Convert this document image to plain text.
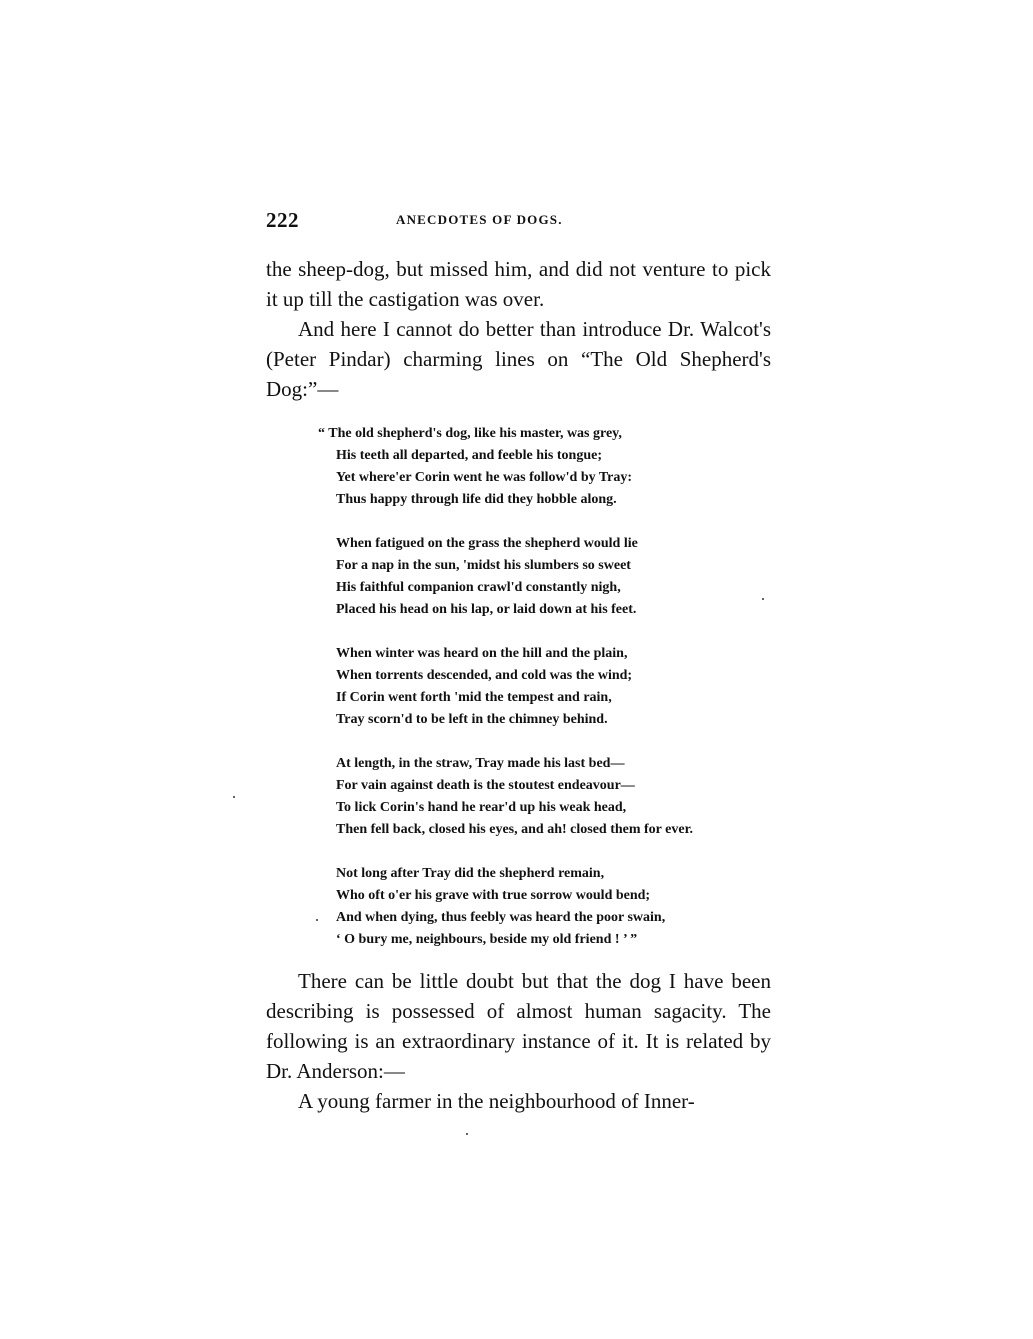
222	ANECDOTES OF DOGS.

the sheep-dog, but missed him, and did not venture to pick it up till the castigation was over.

And here I cannot do better than introduce Dr. Walcot's (Peter Pindar) charming lines on “The Old Shepherd's Dog:”—

“ The old shepherd's dog, like his master, was grey,
His teeth all departed, and feeble his tongue;
Yet where'er Corin went he was follow'd by Tray:
Thus happy through life did they hobble along.
When fatigued on the grass the shepherd would lie
For a nap in the sun, 'midst his slumbers so sweet
His faithful companion crawl'd constantly nigh,
Placed his head on his lap, or laid down at his feet.
When winter was heard on the hill and the plain,
When torrents descended, and cold was the wind;
If Corin went forth 'mid the tempest and rain,
Tray scorn'd to be left in the chimney behind.
At length, in the straw, Tray made his last bed—
For vain against death is the stoutest endeavour—
To lick Corin's hand he rear'd up his weak head,
Then fell back, closed his eyes, and ah! closed them for ever.
Not long after Tray did the shepherd remain,
Who oft o'er his grave with true sorrow would bend;
And when dying, thus feebly was heard the poor swain,
‘ O bury me, neighbours, beside my old friend ! ’ ”

There can be little doubt but that the dog I have been describing is possessed of almost human sagacity. The following is an extraordinary instance of it. It is related by Dr. Anderson:—

A young farmer in the neighbourhood of Inner-
